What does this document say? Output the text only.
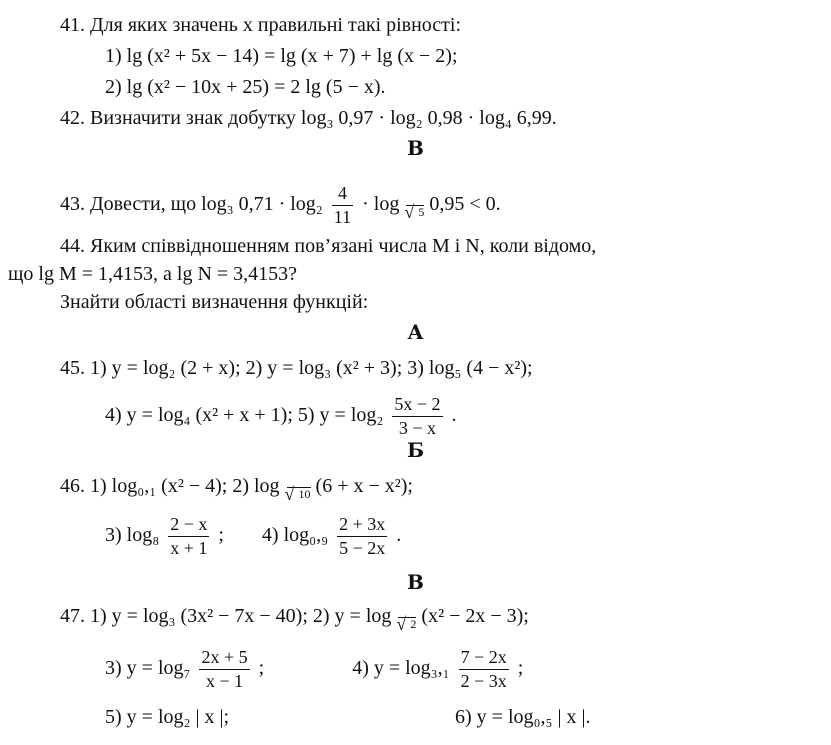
41. Для яких значень x правильні такі рівності:
1) lg (x² + 5x − 14) = lg (x + 7) + lg (x − 2);
2) lg (x² − 10x + 25) = 2 lg (5 − x).
42. Визначити знак добутку log₃ 0,97 · log₂ 0,98 · log₄ 6,99.
В
43. Довести, що log₃ $0,71 \cdot \log_2 \frac{4}{11} \cdot \log$ √ 5 0,95 < 0.
44. Яким співвідношенням пов’язані числа M і N, коли відомо,
що lg M = 1,4153, а lg N = 3,4153?
Знайти області визначення функцій:
А
45. 1) y = log₂ (2 + x); 2) y = log₃ (x² + 3); 3) log₅ (4 − x²);
4) y = log₄ (x² + x + 1); 5) $y = \log_2 \frac{5x - 2}{3 - x}$ .
Б
46. 1) log₀,₁ (x² − 4); 2) log √ 10 (6 + x − x²);
3) $\log_8 \frac{2 - x}{x + 1}$ ; 4) $\log_0,_9 \frac{2 + 3x}{5 - 2x}$ .
В
47. 1) y = log₃ (3x² − 7x − 40); 2) y = log √ 2 (x² − 2x − 3);
3) $y = \log_7 \frac{2x + 5}{x - 1}$ ;	4) $y = \log_3,_1 \frac{7 - 2x}{2 - 3x}$ ;
5) y = log₂ | x |;	6) y = log₀,₅ | x |.
